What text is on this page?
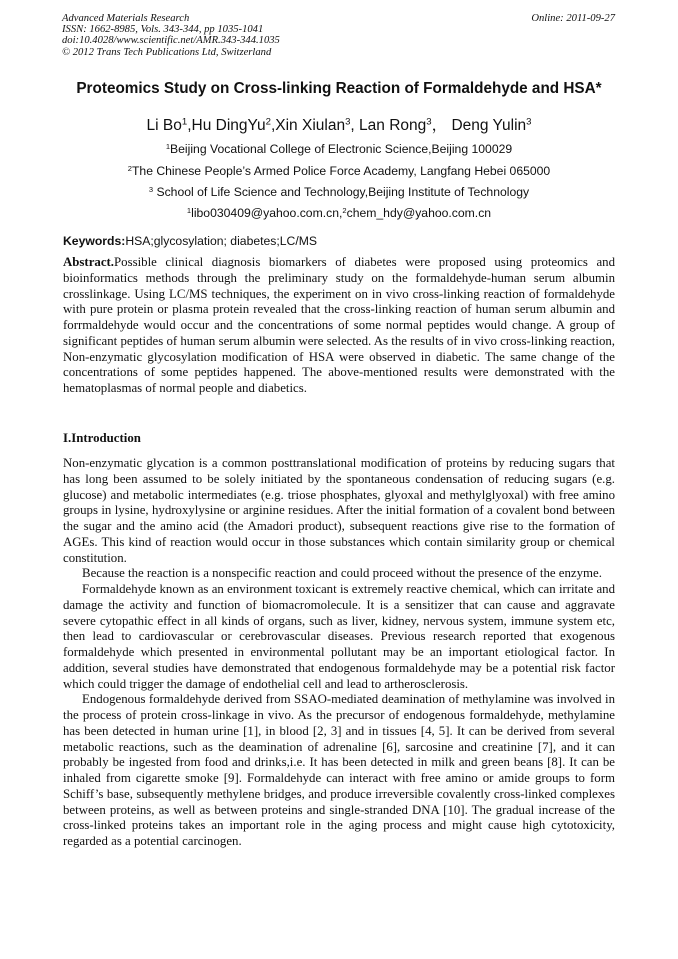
Advanced Materials Research
ISSN: 1662-8985, Vols. 343-344, pp 1035-1041
doi:10.4028/www.scientific.net/AMR.343-344.1035
© 2012 Trans Tech Publications Ltd, Switzerland
Online: 2011-09-27
Proteomics Study on Cross-linking Reaction of Formaldehyde and HSA*
Li Bo$^1$,Hu DingYu$^2$,Xin Xiulan$^3$, Lan Rong$^3$， Deng Yulin$^3$
$^1$Beijing Vocational College of Electronic Science,Beijing 100029
$^2$The Chinese People’s Armed Police Force Academy, Langfang Hebei 065000
$^3$ School of Life Science and Technology,Beijing Institute of Technology
$^1$libo030409@yahoo.com.cn,$^2$chem_hdy@yahoo.com.cn
Keywords:HSA;glycosylation; diabetes;LC/MS

Abstract.Possible clinical diagnosis biomarkers of diabetes were proposed using proteomics and bioinformatics methods through the preliminary study on the formaldehyde-human serum albumin crosslinkage. Using LC/MS techniques, the experiment on in vivo cross-linking reaction of formaldehyde with pure protein or plasma protein revealed that the cross-linking reaction of human serum albumin and forrmaldehyde would occur and the concentrations of some normal peptides would change. A group of significant peptides of human serum albumin were selected. As the results of in vivo cross-linking reaction, Non-enzymatic glycosylation modification of HSA were observed in diabetic. The same change of the concentrations of some peptides happened. The above-mentioned results were demonstrated with the hematoplasmas of normal people and diabetics.

I.Introduction

Non-enzymatic glycation is a common posttranslational modification of proteins by reducing sugars that has long been assumed to be solely initiated by the spontaneous condensation of reducing sugars (e.g. glucose) and metabolic intermediates (e.g. triose phosphates, glyoxal and methylglyoxal) with free amino groups in lysine, hydroxylysine or arginine residues. After the initial formation of a covalent bond between the sugar and the amino acid (the Amadori product), subsequent reactions give rise to the formation of AGEs. This kind of reaction would occur in those substances which contain similarity group or chemical constitution.

Because the reaction is a nonspecific reaction and could proceed without the presence of the enzyme.

Formaldehyde known as an environment toxicant is extremely reactive chemical, which can irritate and damage the activity and function of biomacromolecule. It is a sensitizer that can cause and aggravate severe cytopathic effect in all kinds of organs, such as liver, kidney, nervous system, immune system etc, then lead to cardiovascular or cerebrovascular diseases. Previous research reported that exogenous formaldehyde which presented in environmental pollutant may be an important etiological factor. In addition, several studies have demonstrated that endogenous formaldehyde may be a potential risk factor which could trigger the damage of endothelial cell and lead to artherosclerosis.

Endogenous formaldehyde derived from SSAO-mediated deamination of methylamine was involved in the process of protein cross-linkage in vivo. As the precursor of endogenous formaldehyde, methylamine has been detected in human urine [1], in blood [2, 3] and in tissues [4, 5]. It can be derived from several metabolic reactions, such as the deamination of adrenaline [6], sarcosine and creatinine [7], and it can probably be ingested from food and drinks,i.e. It has been detected in milk and green beans [8]. It can be inhaled from cigarette smoke [9]. Formaldehyde can interact with free amino or amide groups to form Schiff’s base, subsequently methylene bridges, and produce irreversible covalently cross-linked complexes between proteins, as well as between proteins and single-stranded DNA [10]. The gradual increase of the cross-linked proteins takes an important role in the aging process and might cause high cytotoxicity, regarded as a potential carcinogen.
